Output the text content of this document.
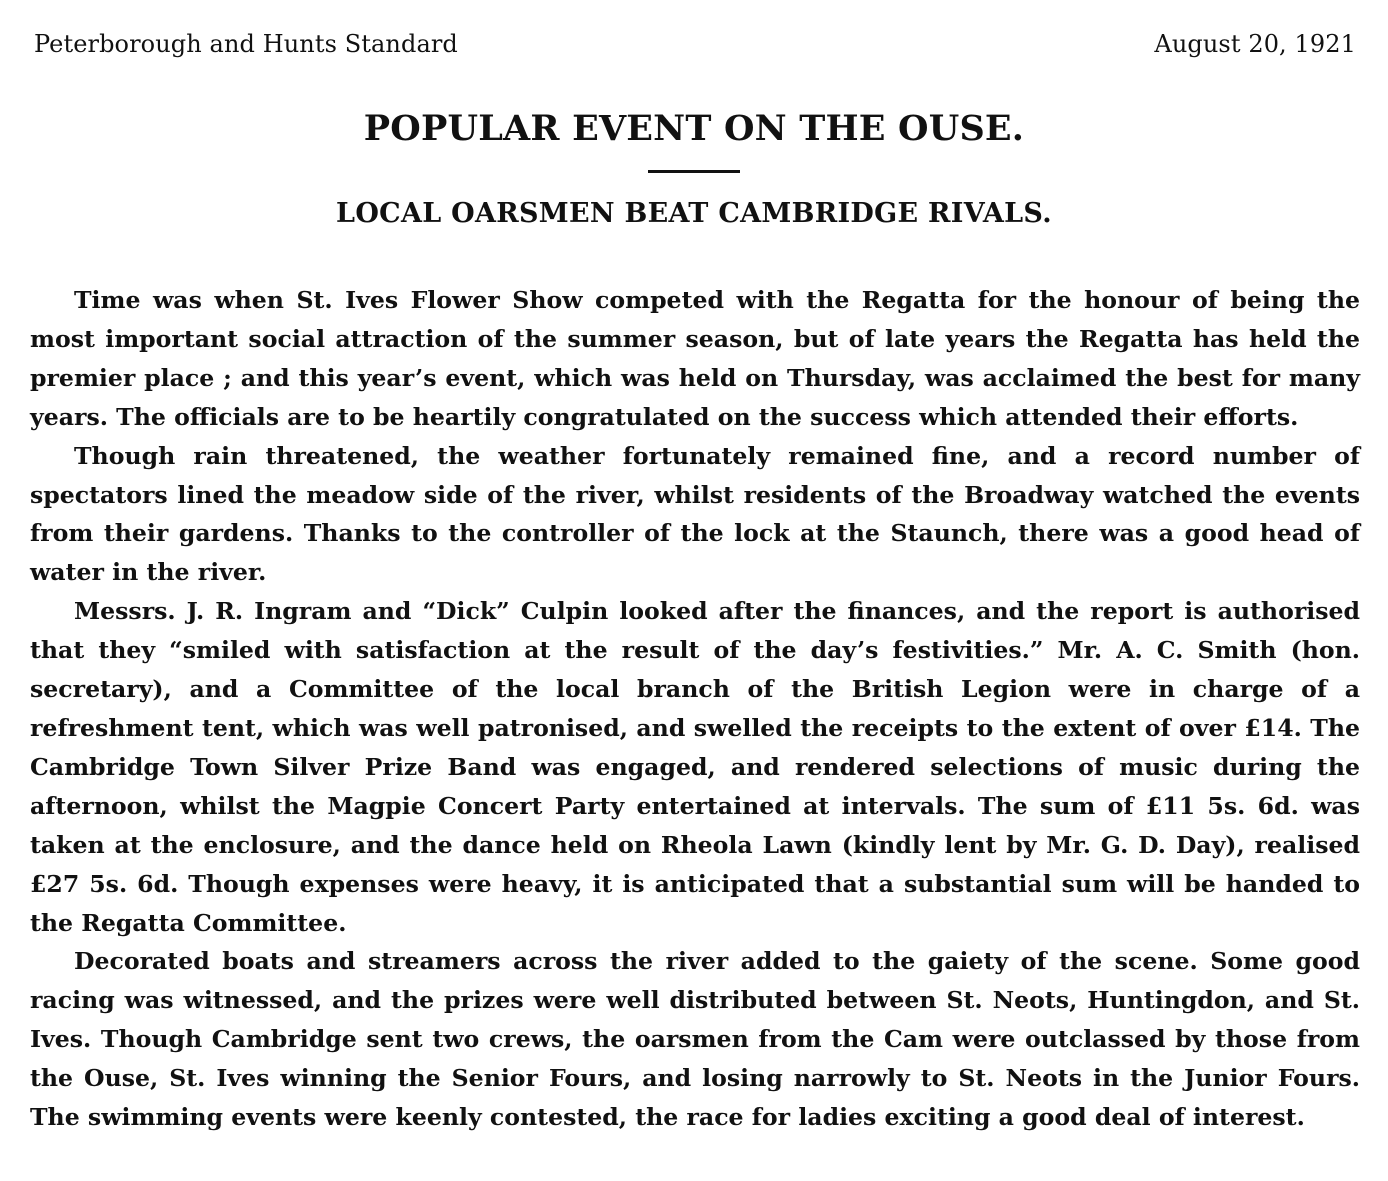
Peterborough and Hunts Standard	August 20, 1921
POPULAR EVENT ON THE OUSE.
LOCAL OARSMEN BEAT CAMBRIDGE RIVALS.

Time was when St. Ives Flower Show competed with the Regatta for the honour of being the most important social attraction of the summer season, but of late years the Regatta has held the premier place ; and this year’s event, which was held on Thursday, was acclaimed the best for many years. The officials are to be heartily congratulated on the success which attended their efforts.

Though rain threatened, the weather fortunately remained fine, and a record number of spectators lined the meadow side of the river, whilst residents of the Broadway watched the events from their gardens. Thanks to the controller of the lock at the Staunch, there was a good head of water in the river.

Messrs. J. R. Ingram and “Dick” Culpin looked after the finances, and the report is authorised that they “smiled with satisfaction at the result of the day’s festivities.” Mr. A. C. Smith (hon. secretary), and a Committee of the local branch of the British Legion were in charge of a refreshment tent, which was well patronised, and swelled the receipts to the extent of over £14. The Cambridge Town Silver Prize Band was engaged, and rendered selections of music during the afternoon, whilst the Magpie Concert Party entertained at intervals. The sum of £11 5s. 6d. was taken at the enclosure, and the dance held on Rheola Lawn (kindly lent by Mr. G. D. Day), realised £27 5s. 6d. Though expenses were heavy, it is anticipated that a substantial sum will be handed to the Regatta Committee.

Decorated boats and streamers across the river added to the gaiety of the scene. Some good racing was witnessed, and the prizes were well distributed between St. Neots, Huntingdon, and St. Ives. Though Cambridge sent two crews, the oarsmen from the Cam were outclassed by those from the Ouse, St. Ives winning the Senior Fours, and losing narrowly to St. Neots in the Junior Fours. The swimming events were keenly contested, the race for ladies exciting a good deal of interest.
